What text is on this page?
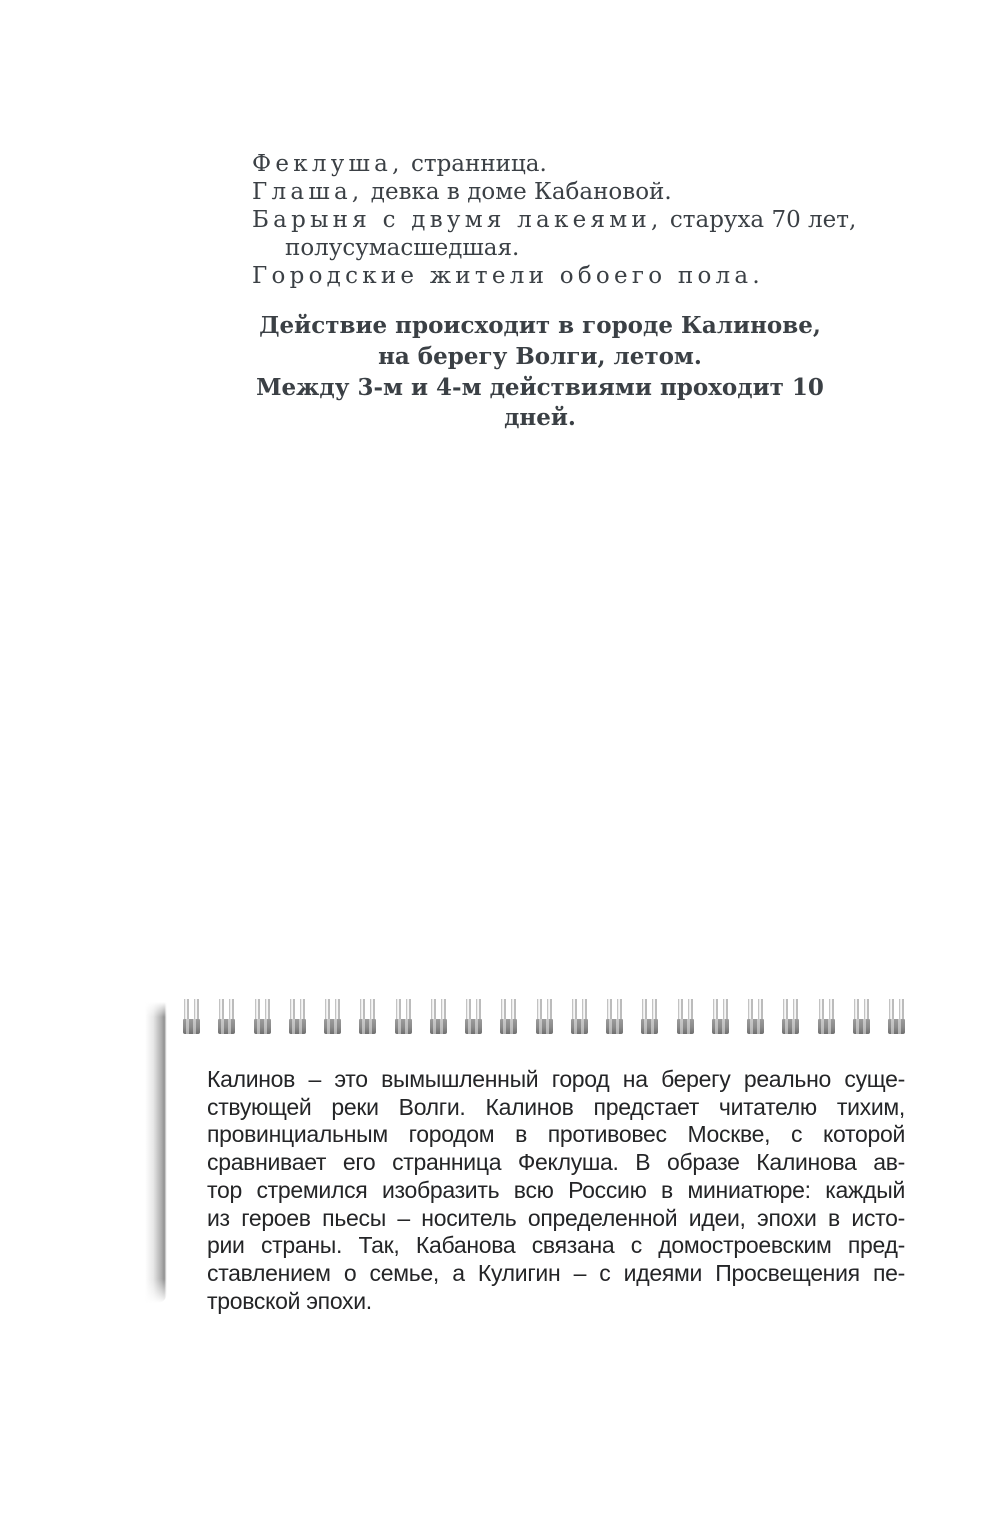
Феклуша, странница.
Глаша, девка в доме Кабановой.
Барыня с двумя лакеями, старуха 70 лет,
полусумасшедшая.
Городские жители обоего пола.
Действие происходит в городе Калинове,
на берегу Волги, летом.
Между 3-м и 4-м действиями проходит 10 дней.
Калинов – это вымышленный город на берегу реально суще-
ствующей реки Волги. Калинов предстает читателю тихим,
провинциальным городом в противовес Москве, с которой
сравнивает его странница Феклуша. В образе Калинова ав-
тор стремился изобразить всю Россию в миниатюре: каждый
из героев пьесы – носитель определенной идеи, эпохи в исто-
рии страны. Так, Кабанова связана с домостроевским пред-
ставлением о семье, а Кулигин – с идеями Просвещения пе-
тровской эпохи.
